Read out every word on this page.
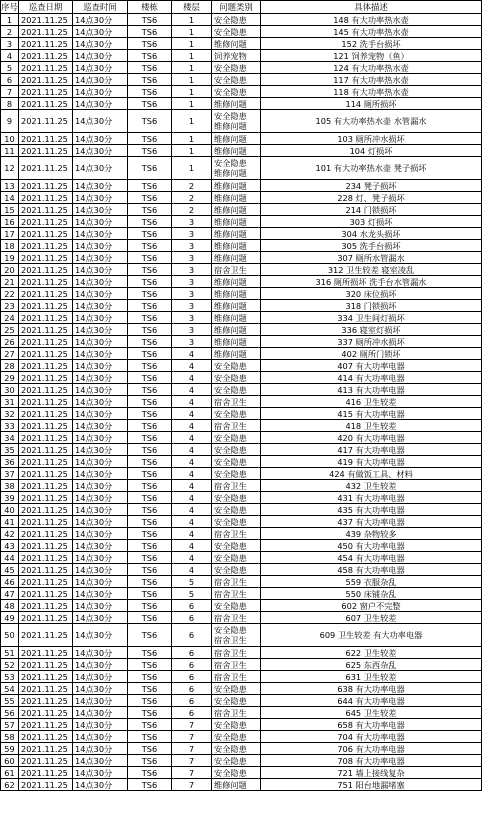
序号	巡查日期	巡查时间	楼栋	楼层	问题类别	具体描述
1	2021.11.25	14点30分	TS6	1	安全隐患	148 有大功率热水壶
2	2021.11.25	14点30分	TS6	1	安全隐患	145 有大功率热水壶
3	2021.11.25	14点30分	TS6	1	维修问题	152 洗手台损坏
4	2021.11.25	14点30分	TS6	1	饲养宠物	121 饲养宠物（鱼）
5	2021.11.25	14点30分	TS6	1	安全隐患	124 有大功率热水壶
6	2021.11.25	14点30分	TS6	1	安全隐患	117 有大功率热水壶
7	2021.11.25	14点30分	TS6	1	安全隐患	118 有大功率热水壶
8	2021.11.25	14点30分	TS6	1	维修问题	114 厕所损坏
9	2021.11.25	14点30分	TS6	1	安全隐患
维修问题	105 有大功率热水壶 水管漏水
10	2021.11.25	14点30分	TS6	1	维修问题	103 厕所冲水损坏
11	2021.11.25	14点30分	TS6	1	维修问题	104 灯损坏
12	2021.11.25	14点30分	TS6	1	安全隐患
维修问题	101 有大功率热水壶 凳子损坏
13	2021.11.25	14点30分	TS6	2	维修问题	234 凳子损坏
14	2021.11.25	14点30分	TS6	2	维修问题	228 灯、凳子损坏
15	2021.11.25	14点30分	TS6	2	维修问题	214 门锁损坏
16	2021.11.25	14点30分	TS6	3	维修问题	303 灯损坏
17	2021.11.25	14点30分	TS6	3	维修问题	304 水龙头损坏
18	2021.11.25	14点30分	TS6	3	维修问题	305 洗手台损坏
19	2021.11.25	14点30分	TS6	3	维修问题	307 厕所水管漏水
20	2021.11.25	14点30分	TS6	3	宿舍卫生	312 卫生较差 寝室凌乱
21	2021.11.25	14点30分	TS6	3	维修问题	316 厕所损坏 洗手台水管漏水
22	2021.11.25	14点30分	TS6	3	维修问题	320 床位损坏
23	2021.11.25	14点30分	TS6	3	维修问题	318 门锁损坏
24	2021.11.25	14点30分	TS6	3	维修问题	334 卫生间灯损坏
25	2021.11.25	14点30分	TS6	3	维修问题	336 寝室灯损坏
26	2021.11.25	14点30分	TS6	3	维修问题	337 厕所冲水损坏
27	2021.11.25	14点30分	TS6	4	维修问题	402 厕所门锁坏
28	2021.11.25	14点30分	TS6	4	安全隐患	407 有大功率电器
29	2021.11.25	14点30分	TS6	4	安全隐患	414 有大功率电器
30	2021.11.25	14点30分	TS6	4	安全隐患	413 有大功率电器
31	2021.11.25	14点30分	TS6	4	宿舍卫生	416 卫生较差
32	2021.11.25	14点30分	TS6	4	安全隐患	415 有大功率电器
33	2021.11.25	14点30分	TS6	4	宿舍卫生	418 卫生较差
34	2021.11.25	14点30分	TS6	4	安全隐患	420 有大功率电器
35	2021.11.25	14点30分	TS6	4	安全隐患	417 有大功率电器
36	2021.11.25	14点30分	TS6	4	安全隐患	419 有大功率电器
37	2021.11.25	14点30分	TS6	4	安全隐患	424 有做饭工具、材料
38	2021.11.25	14点30分	TS6	4	宿舍卫生	432 卫生较差
39	2021.11.25	14点30分	TS6	4	安全隐患	431 有大功率电器
40	2021.11.25	14点30分	TS6	4	安全隐患	435 有大功率电器
41	2021.11.25	14点30分	TS6	4	安全隐患	437 有大功率电器
42	2021.11.25	14点30分	TS6	4	宿舍卫生	439 杂物较多
43	2021.11.25	14点30分	TS6	4	安全隐患	450 有大功率电器
44	2021.11.25	14点30分	TS6	4	安全隐患	454 有大功率电器
45	2021.11.25	14点30分	TS6	4	安全隐患	458 有大功率电器
46	2021.11.25	14点30分	TS6	5	宿舍卫生	559 衣服杂乱
47	2021.11.25	14点30分	TS6	5	宿舍卫生	550 床铺杂乱
48	2021.11.25	14点30分	TS6	6	安全隐患	602 窗户不完整
49	2021.11.25	14点30分	TS6	6	宿舍卫生	607 卫生较差
50	2021.11.25	14点30分	TS6	6	安全隐患
宿舍卫生	609 卫生较差 有大功率电器
51	2021.11.25	14点30分	TS6	6	宿舍卫生	622 卫生较差
52	2021.11.25	14点30分	TS6	6	宿舍卫生	625 东西杂乱
53	2021.11.25	14点30分	TS6	6	宿舍卫生	631 卫生较差
54	2021.11.25	14点30分	TS6	6	安全隐患	638 有大功率电器
55	2021.11.25	14点30分	TS6	6	安全隐患	644 有大功率电器
56	2021.11.25	14点30分	TS6	6	宿舍卫生	645 卫生较差
57	2021.11.25	14点30分	TS6	7	安全隐患	658 有大功率电器
58	2021.11.25	14点30分	TS6	7	安全隐患	704 有大功率电器
59	2021.11.25	14点30分	TS6	7	安全隐患	706 有大功率电器
60	2021.11.25	14点30分	TS6	7	安全隐患	708 有大功率电器
61	2021.11.25	14点30分	TS6	7	安全隐患	721 墙上接线复杂
62	2021.11.25	14点30分	TS6	7	维修问题	751 阳台地漏堵塞
